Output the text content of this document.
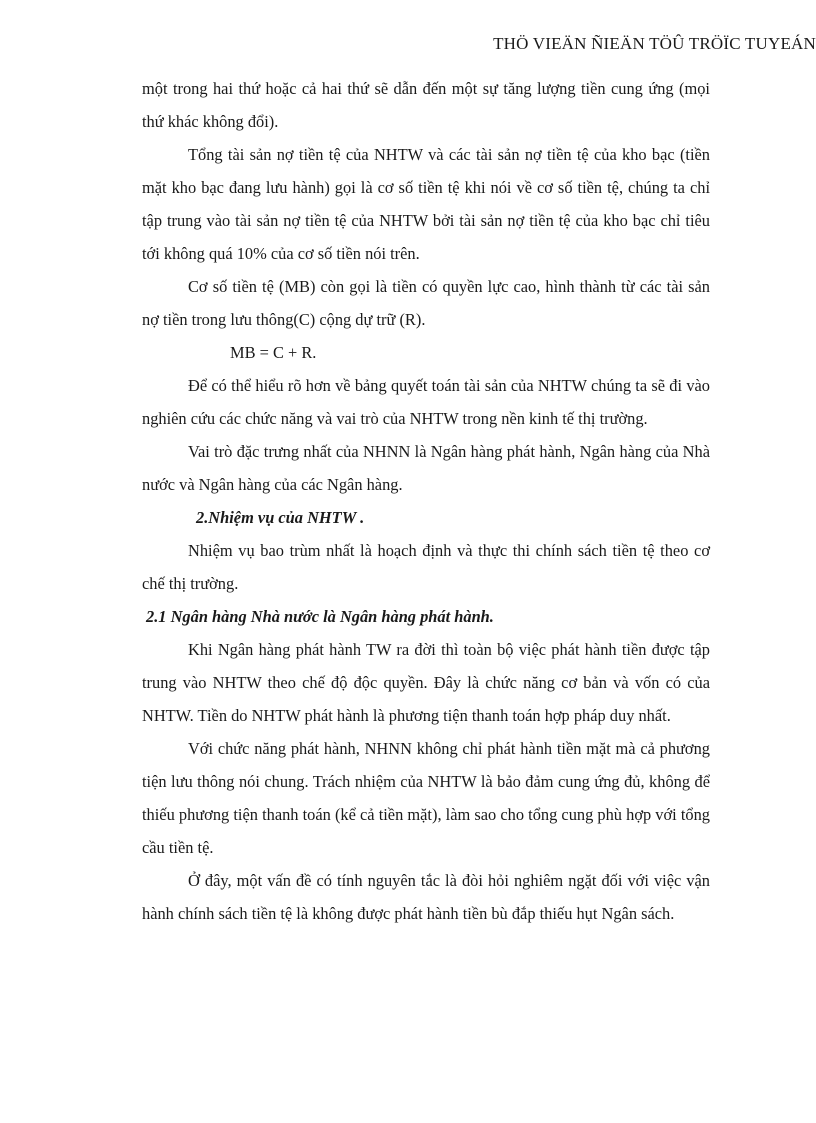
THÖ VIEÄN ÑIEÄN TÖÛ TRÖÏC TUYEÁN

một trong hai thứ hoặc cả hai thứ sẽ dẫn đến một sự tăng lượng tiền cung ứng (mọi thứ khác không đổi).

Tổng tài sản nợ tiền tệ của NHTW và các tài sản nợ tiền tệ của kho bạc (tiền mặt kho bạc đang lưu hành) gọi là cơ số tiền tệ khi nói về cơ số tiền tệ, chúng ta chỉ tập trung vào tài sản nợ tiền tệ của NHTW bởi tài sản nợ tiền tệ của kho bạc chỉ tiêu tới không quá 10% của cơ số tiền nói trên.

Cơ số tiền tệ (MB) còn gọi là tiền có quyền lực cao, hình thành từ các tài sản nợ tiền trong lưu thông(C) cộng dự trữ (R).

MB = C + R.

Để có thể hiểu rõ hơn về bảng quyết toán tài sản của NHTW chúng ta sẽ đi vào nghiên cứu các chức năng và vai trò của NHTW trong nền kinh tế thị trường.

Vai trò đặc trưng nhất của NHNN là Ngân hàng phát hành, Ngân hàng của Nhà nước và Ngân hàng của các Ngân hàng.

2.Nhiệm vụ của NHTW .

Nhiệm vụ bao trùm nhất là hoạch định và thực thi chính sách tiền tệ theo cơ chế thị trường.

2.1 Ngân hàng Nhà nước là Ngân hàng phát hành.

Khi Ngân hàng phát hành TW ra đời thì toàn bộ việc phát hành tiền được tập trung vào NHTW theo chế độ độc quyền. Đây là chức năng cơ bản và vốn có của NHTW. Tiền do NHTW phát hành là phương tiện thanh toán hợp pháp duy nhất.

Với chức năng phát hành, NHNN không chỉ phát hành tiền mặt mà cả phương tiện lưu thông nói chung. Trách nhiệm của NHTW là bảo đảm cung ứng đủ, không để thiếu phương tiện thanh toán (kể cả tiền mặt), làm sao cho tổng cung phù hợp với tổng cầu tiền tệ.

Ở đây, một vấn đề có tính nguyên tắc là đòi hỏi nghiêm ngặt đối với việc vận hành chính sách tiền tệ là không được phát hành tiền bù đắp thiếu hụt Ngân sách.
